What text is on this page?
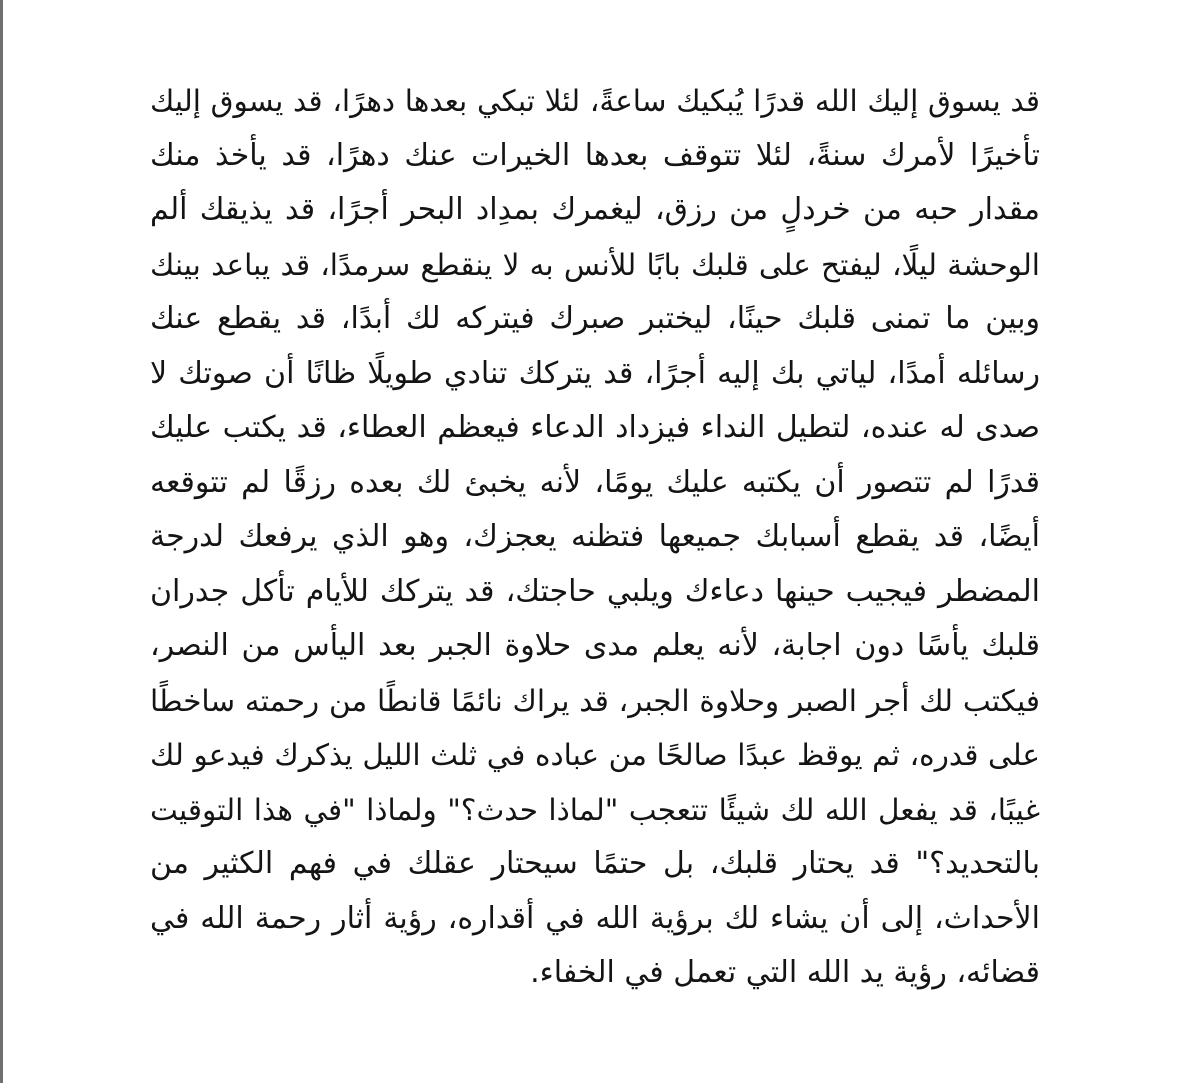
قد يسوق إليك الله قدرًا يُبكيك ساعةً، لئلا تبكي بعدها دهرًا، قد يسوق إليك
تأخيرًا لأمرك سنةً، لئلا تتوقف بعدها الخيرات عنك دهرًا، قد يأخذ منك
مقدار حبه من خردلٍ من رزق، ليغمرك بمدِاد البحر أجرًا، قد يذيقك ألم
الوحشة ليلًا، ليفتح على قلبك بابًا للأنس به لا ينقطع سرمدًا، قد يباعد بينك
وبين ما تمنى قلبك حينًا، ليختبر صبرك فيتركه لك أبدًا، قد يقطع عنك
رسائله أمدًا، لياتي بك إليه أجرًا، قد يتركك تنادي طويلًا ظانًا أن صوتك لا
صدى له عنده، لتطيل النداء فيزداد الدعاء فيعظم العطاء، قد يكتب عليك
قدرًا لم تتصور أن يكتبه عليك يومًا، لأنه يخبئ لك بعده رزقًا لم تتوقعه
أيضًا، قد يقطع أسبابك جميعها فتظنه يعجزك، وهو الذي يرفعك لدرجة
المضطر فيجيب حينها دعاءك ويلبي حاجتك، قد يتركك للأيام تأكل جدران
قلبك يأسًا دون اجابة، لأنه يعلم مدى حلاوة الجبر بعد اليأس من النصر،
فيكتب لك أجر الصبر وحلاوة الجبر، قد يراك نائمًا قانطًا من رحمته ساخطًا
على قدره، ثم يوقظ عبدًا صالحًا من عباده في ثلث الليل يذكرك فيدعو لك
غيبًا، قد يفعل الله لك شيئًا تتعجب "لماذا حدث؟" ولماذا "في هذا التوقيت
بالتحديد؟" قد يحتار قلبك، بل حتمًا سيحتار عقلك في فهم الكثير من
الأحداث، إلى أن يشاء لك برؤية الله في أقداره، رؤية أثار رحمة الله في
قضائه، رؤية يد الله التي تعمل في الخفاء.
